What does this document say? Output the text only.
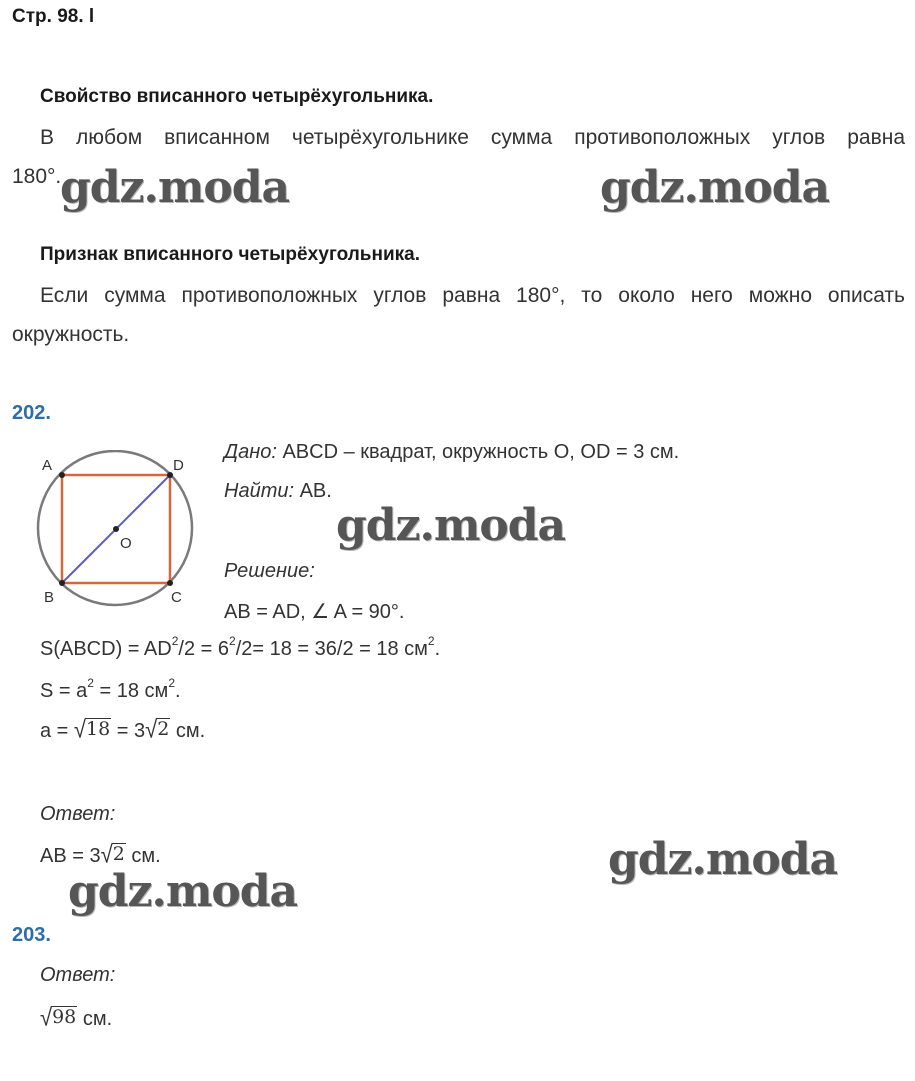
Стр. 98. l
Свойство вписанного четырёхугольника.
В любом вписанном четырёхугольнике сумма противоположных углов равна
180°.
Признак вписанного четырёхугольника.
Если сумма противоположных углов равна 180°, то около него можно описать
окружность.
202.
A	D
O
B	C
Дано: ABCD – квадрат, окружность O, OD = 3 см.
Найти: AB.
Решение:
AB = AD, ∠ A = 90°.
S(ABCD) = $AD^2/2 = 6^2/2= 18 = 36/2 = 18$ $см^2$.
$S = a^2 = 18$ $см^2$.
a = √ 18 = 3 √ 2 см.
Ответ:
AB = 3 √ 2 см.
203.
Ответ:
√ 98 см.
gdz.moda	gdz.moda
gdz.moda
gdz.moda
gdz.moda
